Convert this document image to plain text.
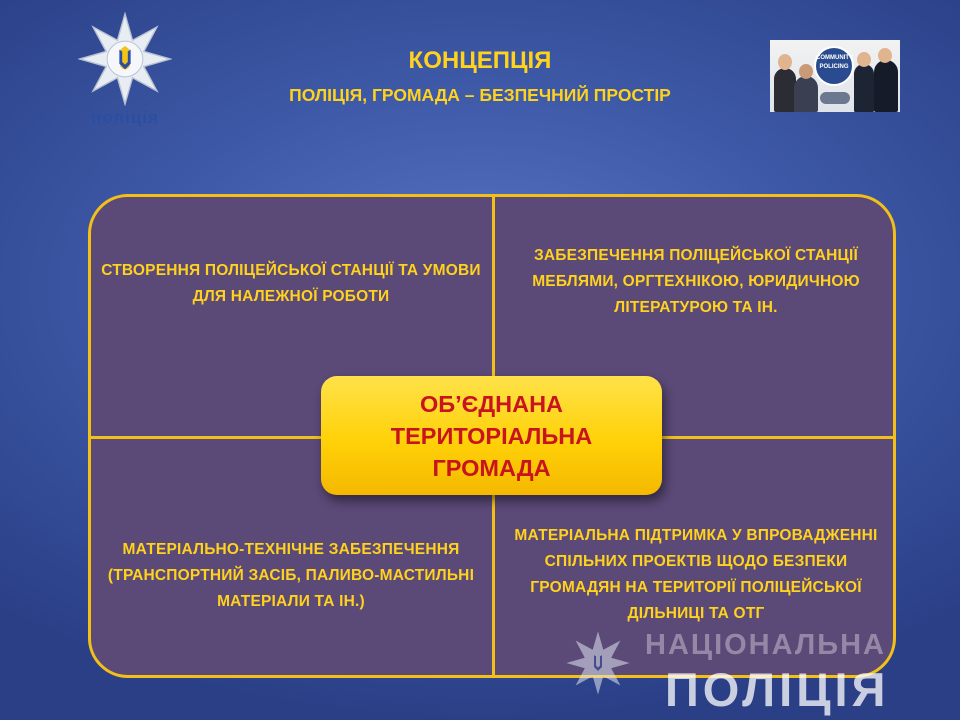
поліція
КОНЦЕПЦІЯ
ПОЛІЦІЯ, ГРОМАДА – БЕЗПЕЧНИЙ ПРОСТІР
COMMUNITY POLICING
СТВОРЕННЯ ПОЛІЦЕЙСЬКОЇ СТАНЦІЇ ТА УМОВИ ДЛЯ НАЛЕЖНОЇ РОБОТИ
ЗАБЕЗПЕЧЕННЯ ПОЛІЦЕЙСЬКОЇ СТАНЦІЇ МЕБЛЯМИ, ОРГТЕХНІКОЮ, ЮРИДИЧНОЮ ЛІТЕРАТУРОЮ ТА ІН.
МАТЕРІАЛЬНО-ТЕХНІЧНЕ ЗАБЕЗПЕЧЕННЯ (ТРАНСПОРТНИЙ ЗАСІБ, ПАЛИВО-МАСТИЛЬНІ МАТЕРІАЛИ ТА ІН.)
МАТЕРІАЛЬНА ПІДТРИМКА У ВПРОВАДЖЕННІ СПІЛЬНИХ ПРОЕКТІВ ЩОДО БЕЗПЕКИ ГРОМАДЯН НА ТЕРИТОРІЇ ПОЛІЦЕЙСЬКОЇ ДІЛЬНИЦІ ТА ОТГ
ОБ’ЄДНАНА
ТЕРИТОРІАЛЬНА
ГРОМАДА
НАЦІОНАЛЬНА
ПОЛІЦІЯ
